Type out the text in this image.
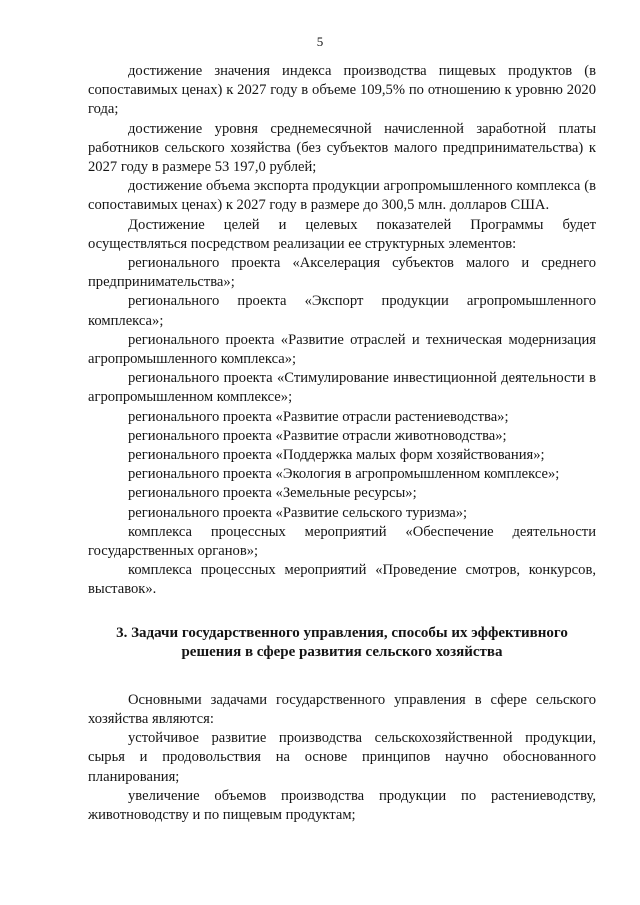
5

достижение значения индекса производства пищевых продуктов (в сопоставимых ценах) к 2027 году в объеме 109,5% по отношению к уровню 2020 года;

достижение уровня среднемесячной начисленной заработной платы работников сельского хозяйства (без субъектов малого предпринимательства) к 2027 году в размере 53 197,0 рублей;

достижение объема экспорта продукции агропромышленного комплекса (в сопоставимых ценах) к 2027 году в размере до 300,5 млн. долларов США.

Достижение целей и целевых показателей Программы будет осуществляться посредством реализации ее структурных элементов:

регионального проекта «Акселерация субъектов малого и среднего предпринимательства»;

регионального проекта «Экспорт продукции агропромышленного комплекса»;

регионального проекта «Развитие отраслей и техническая модернизация агропромышленного комплекса»;

регионального проекта «Стимулирование инвестиционной деятельности в агропромышленном комплексе»;

регионального проекта «Развитие отрасли растениеводства»;

регионального проекта «Развитие отрасли животноводства»;

регионального проекта «Поддержка малых форм хозяйствования»;

регионального проекта «Экология в агропромышленном комплексе»;

регионального проекта «Земельные ресурсы»;

регионального проекта «Развитие сельского туризма»;

комплекса процессных мероприятий «Обеспечение деятельности государственных органов»;

комплекса процессных мероприятий «Проведение смотров, конкурсов, выставок».

3. Задачи государственного управления, способы их эффективного
решения в сфере развития сельского хозяйства

Основными задачами государственного управления в сфере сельского хозяйства являются:

устойчивое развитие производства сельскохозяйственной продукции, сырья и продовольствия на основе принципов научно обоснованного планирования;

увеличение объемов производства продукции по растениеводству, животноводству и по пищевым продуктам;
